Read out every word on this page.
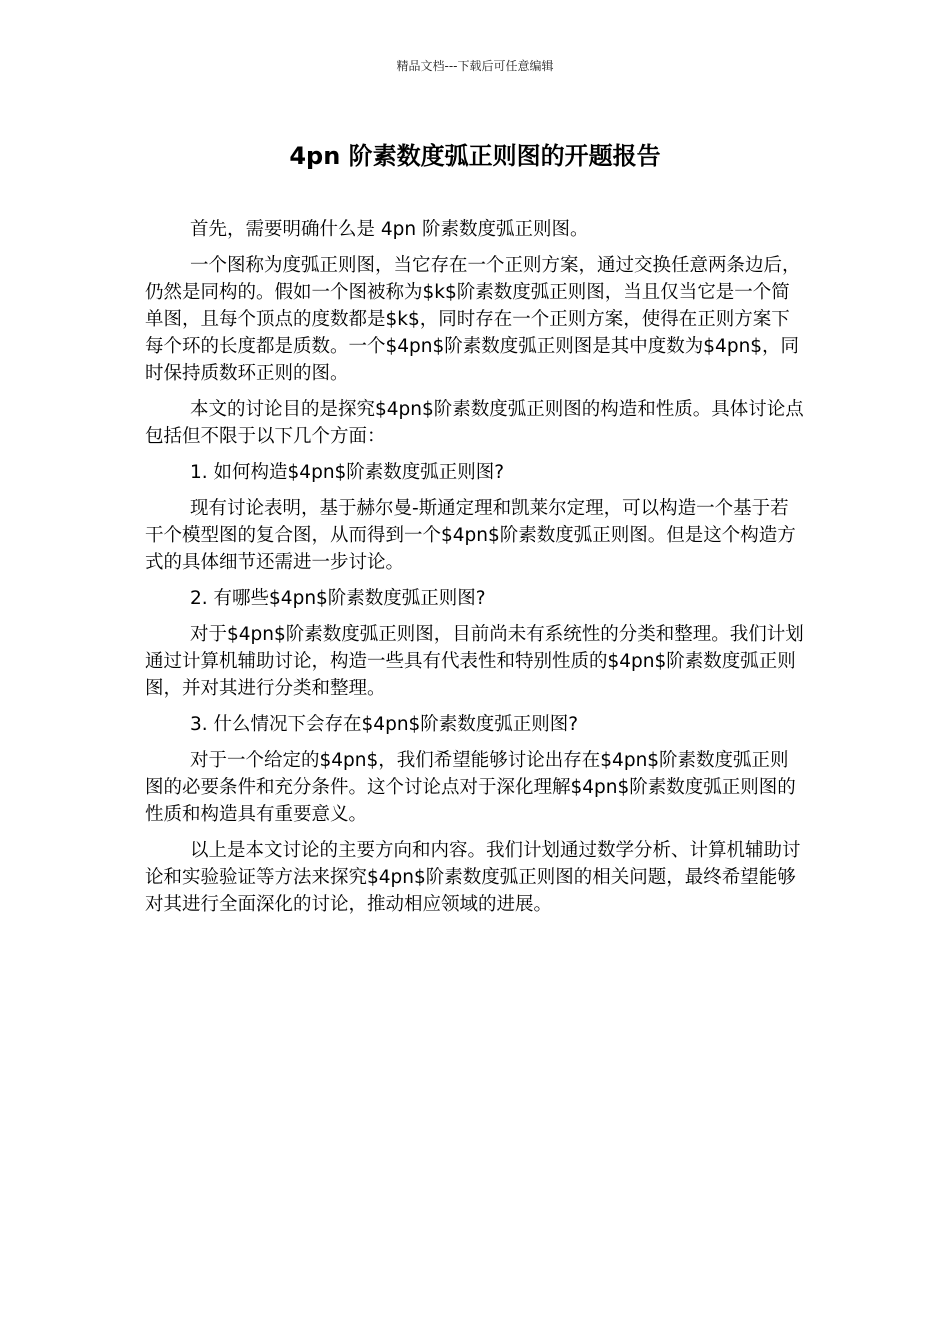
精品文档---下载后可任意编辑
4pn 阶素数度弧正则图的开题报告

首先，需要明确什么是 4pn 阶素数度弧正则图。

一个图称为度弧正则图，当它存在一个正则方案，通过交换任意两条边后，仍然是同构的。假如一个图被称为$k$阶素数度弧正则图，当且仅当它是一个简单图，且每个顶点的度数都是$k$，同时存在一个正则方案，使得在正则方案下每个环的长度都是质数。一个$4pn$阶素数度弧正则图是其中度数为$4pn$，同时保持质数环正则的图。

本文的讨论目的是探究$4pn$阶素数度弧正则图的构造和性质。具体讨论点包括但不限于以下几个方面：

1. 如何构造$4pn$阶素数度弧正则图?

现有讨论表明，基于赫尔曼-斯通定理和凯莱尔定理，可以构造一个基于若干个模型图的复合图，从而得到一个$4pn$阶素数度弧正则图。但是这个构造方式的具体细节还需进一步讨论。

2. 有哪些$4pn$阶素数度弧正则图?

对于$4pn$阶素数度弧正则图，目前尚未有系统性的分类和整理。我们计划通过计算机辅助讨论，构造一些具有代表性和特别性质的$4pn$阶素数度弧正则图，并对其进行分类和整理。

3. 什么情况下会存在$4pn$阶素数度弧正则图?

对于一个给定的$4pn$，我们希望能够讨论出存在$4pn$阶素数度弧正则图的必要条件和充分条件。这个讨论点对于深化理解$4pn$阶素数度弧正则图的性质和构造具有重要意义。

以上是本文讨论的主要方向和内容。我们计划通过数学分析、计算机辅助讨论和实验验证等方法来探究$4pn$阶素数度弧正则图的相关问题，最终希望能够对其进行全面深化的讨论，推动相应领域的进展。
